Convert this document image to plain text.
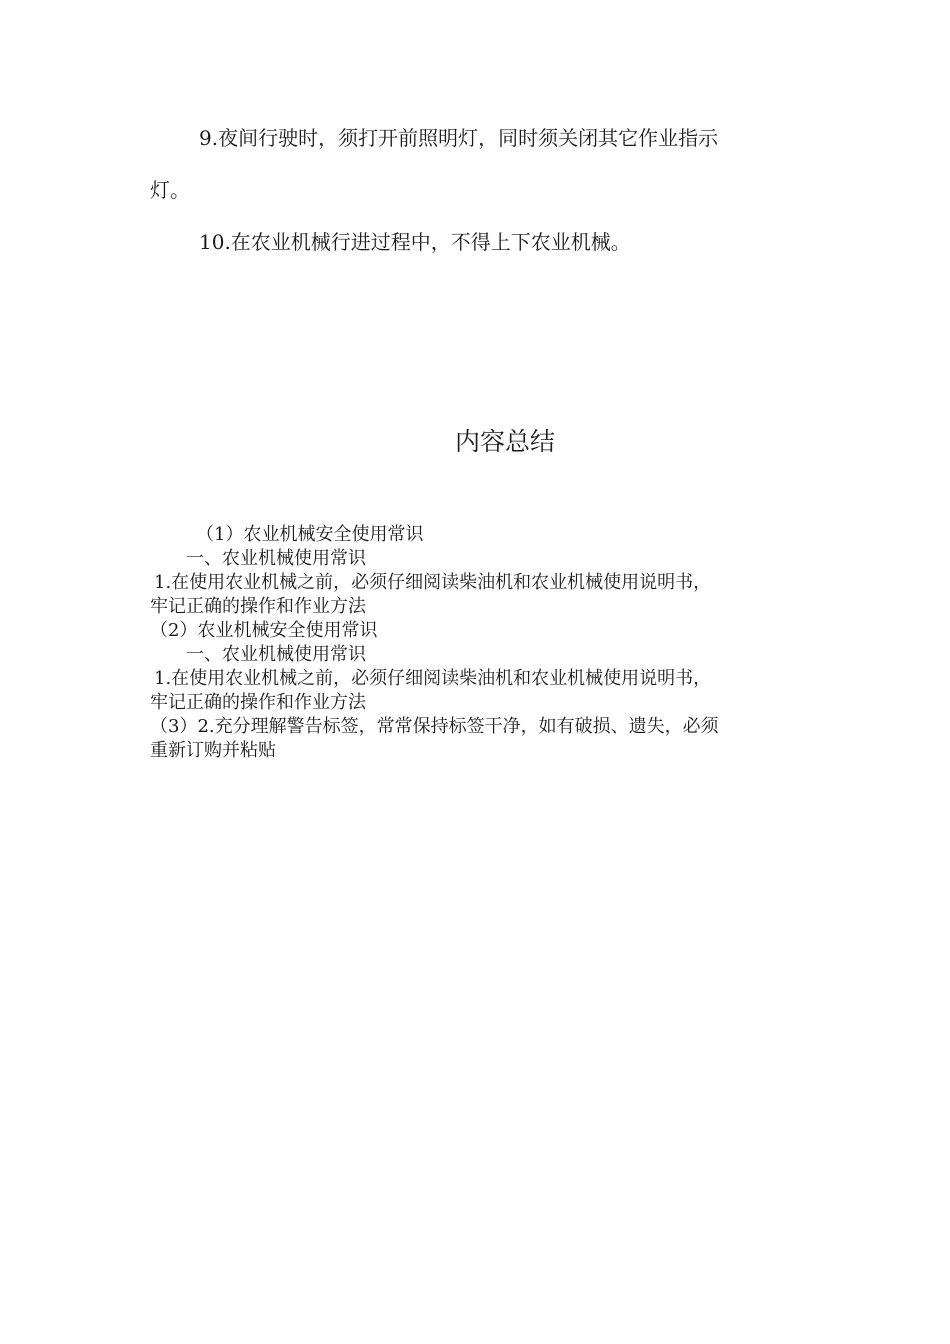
9.夜间行驶时，须打开前照明灯，同时须关闭其它作业指示
灯。
10.在农业机械行进过程中，不得上下农业机械。
内容总结
（1）农业机械安全使用常识
一、农业机械使用常识
1.在使用农业机械之前，必须仔细阅读柴油机和农业机械使用说明书，
牢记正确的操作和作业方法
（2）农业机械安全使用常识
一、农业机械使用常识
1.在使用农业机械之前，必须仔细阅读柴油机和农业机械使用说明书，
牢记正确的操作和作业方法
（3）2.充分理解警告标签，常常保持标签干净，如有破损、遗失，必须
重新订购并粘贴
